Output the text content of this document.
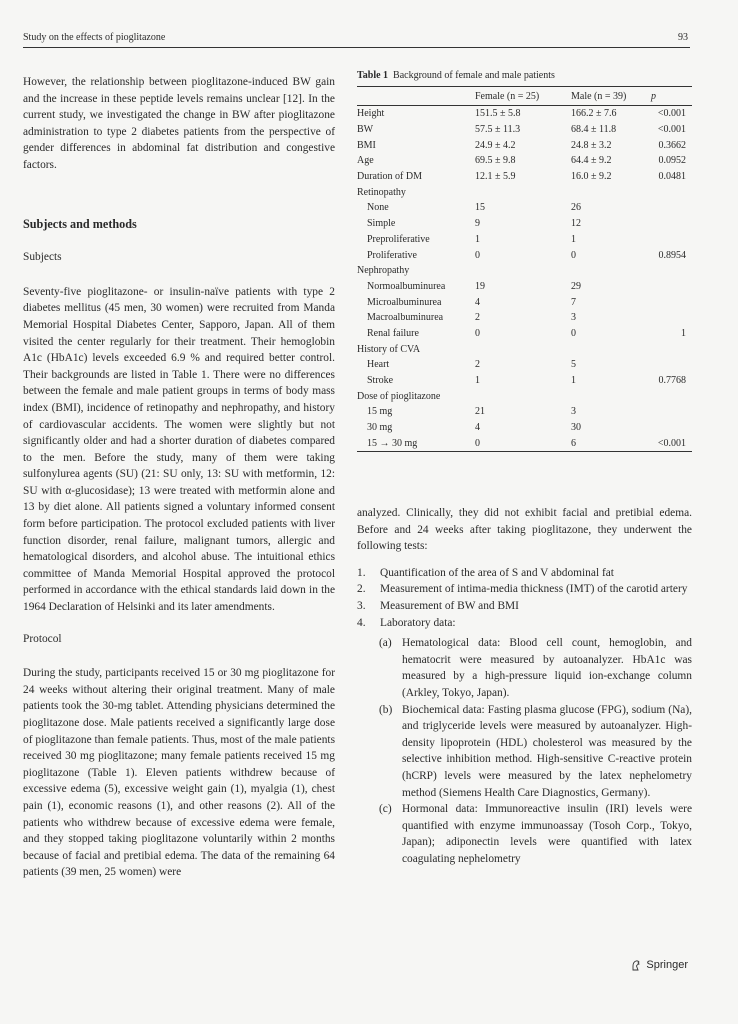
Study on the effects of pioglitazone	93

However, the relationship between pioglitazone-induced BW gain and the increase in these peptide levels remains unclear [12]. In the current study, we investigated the change in BW after pioglitazone administration to type 2 diabetes patients from the perspective of gender differences in abdominal fat distribution and congestive factors.

Subjects and methods

Subjects

Seventy-five pioglitazone- or insulin-naïve patients with type 2 diabetes mellitus (45 men, 30 women) were recruited from Manda Memorial Hospital Diabetes Center, Sapporo, Japan. All of them visited the center regularly for their treatment. Their hemoglobin A1c (HbA1c) levels exceeded 6.9 % and required better control. Their backgrounds are listed in Table 1. There were no differences between the female and male patient groups in terms of body mass index (BMI), incidence of retinopathy and nephropathy, and history of cardiovascular accidents. The women were slightly but not significantly older and had a shorter duration of diabetes compared to the men. Before the study, many of them were taking sulfonylurea agents (SU) (21: SU only, 13: SU with metformin, 12: SU with α-glucosidase); 13 were treated with metformin alone and 13 by diet alone. All patients signed a voluntary informed consent form before participation. The protocol excluded patients with liver function disorder, renal failure, malignant tumors, allergic and hematological disorders, and alcohol abuse. The intuitional ethics committee of Manda Memorial Hospital approved the protocol performed in accordance with the ethical standards laid down in the 1964 Declaration of Helsinki and its later amendments.

Protocol

During the study, participants received 15 or 30 mg pioglitazone for 24 weeks without altering their original treatment. Many of male patients took the 30-mg tablet. Attending physicians determined the pioglitazone dose. Male patients received a significantly large dose of pioglitazone than female patients. Thus, most of the male patients received 30 mg pioglitazone; many female patients received 15 mg pioglitazone (Table 1). Eleven patients withdrew because of excessive edema (5), excessive weight gain (1), myalgia (1), chest pain (1), economic reasons (1), and other reasons (2). All of the patients who withdrew because of excessive edema were female, and they stopped taking pioglitazone voluntarily within 2 months because of facial and pretibial edema. The data of the remaining 64 patients (39 men, 25 women) were

Table 1 Background of female and male patients

	Female (n = 25)	Male (n = 39)	p
Height	151.5 ± 5.8	166.2 ± 7.6	<0.001
BW	57.5 ± 11.3	68.4 ± 11.8	<0.001
BMI	24.9 ± 4.2	24.8 ± 3.2	0.3662
Age	69.5 ± 9.8	64.4 ± 9.2	0.0952
Duration of DM	12.1 ± 5.9	16.0 ± 9.2	0.0481
Retinopathy			
None	15	26	
Simple	9	12	
Preproliferative	1	1	
Proliferative	0	0	0.8954
Nephropathy			
Normoalbuminurea	19	29	
Microalbuminurea	4	7	
Macroalbuminurea	2	3	
Renal failure	0	0	1
History of CVA			
Heart	2	5	
Stroke	1	1	0.7768
Dose of pioglitazone			
15 mg	21	3	
30 mg	4	30	
15 → 30 mg	0	6	<0.001

analyzed. Clinically, they did not exhibit facial and pretibial edema. Before and 24 weeks after taking pioglitazone, they underwent the following tests:

1.	Quantification of the area of S and V abdominal fat
2.	Measurement of intima-media thickness (IMT) of the carotid artery
3.	Measurement of BW and BMI
4.	Laboratory data:
(a) Hematological data: Blood cell count, hemoglobin, and hematocrit were measured by autoanalyzer. HbA1c was measured by a high-pressure liquid ion-exchange column (Arkley, Tokyo, Japan).
(b) Biochemical data: Fasting plasma glucose (FPG), sodium (Na), and triglyceride levels were measured by autoanalyzer. High-density lipoprotein (HDL) cholesterol was measured by the selective inhibition method. High-sensitive C-reactive protein (hCRP) levels were measured by the latex nephelometry method (Siemens Health Care Diagnostics, Germany).
(c) Hormonal data: Immunoreactive insulin (IRI) levels were quantified with enzyme immunoassay (Tosoh Corp., Tokyo, Japan); adiponectin levels were quantified with latex coagulating nephelometry
Springer
